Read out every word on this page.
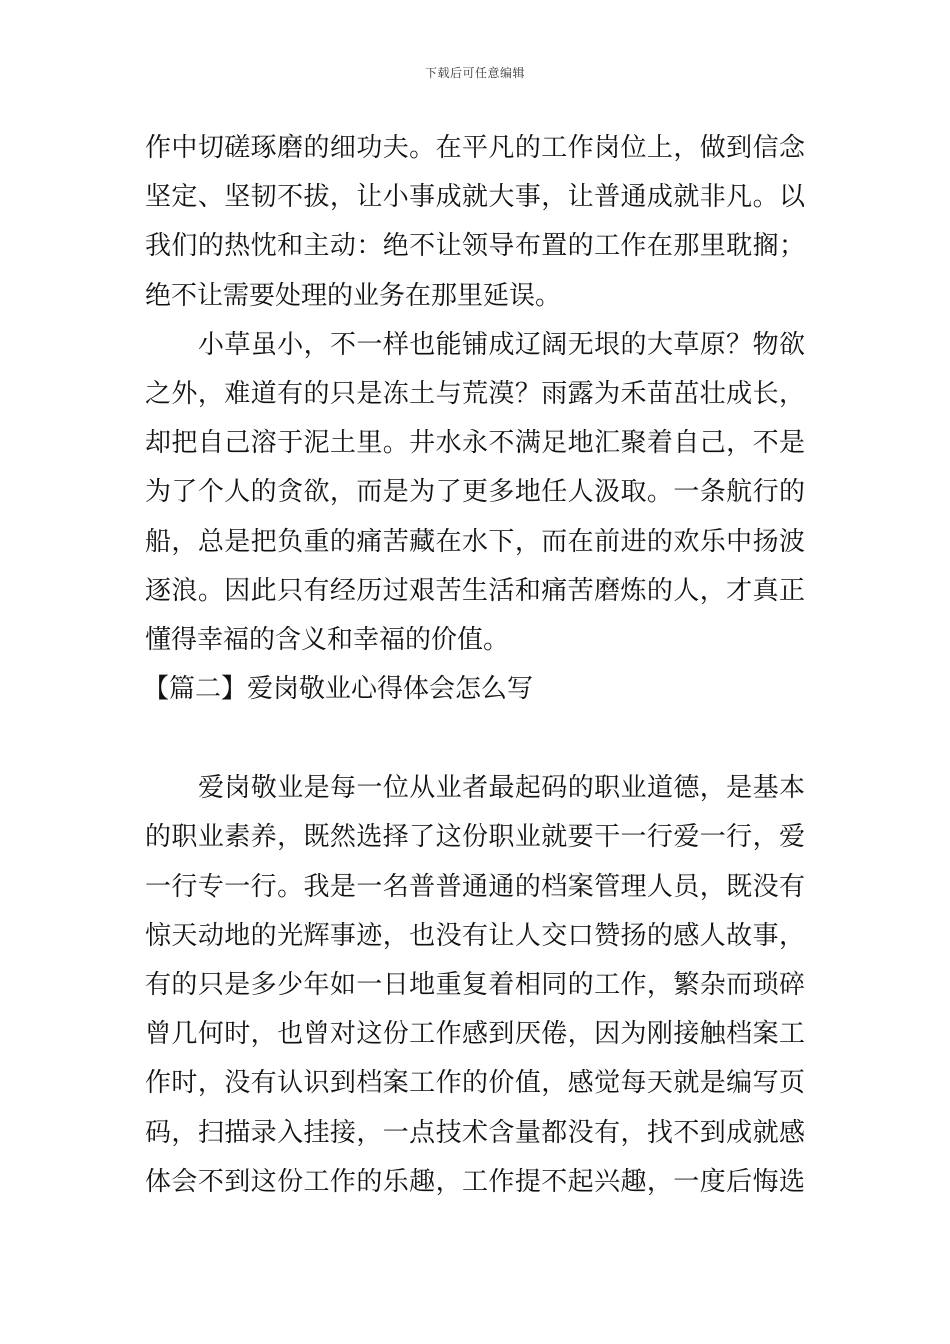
下载后可任意编辑
作中切磋琢磨的细功夫。在平凡的工作岗位上，做到信念
坚定、坚韧不拔，让小事成就大事，让普通成就非凡。以
我们的热忱和主动：绝不让领导布置的工作在那里耽搁；
绝不让需要处理的业务在那里延误。
小草虽小，不一样也能铺成辽阔无垠的大草原？物欲
之外，难道有的只是冻土与荒漠？雨露为禾苗茁壮成长，
却把自己溶于泥土里。井水永不满足地汇聚着自己，不是
为了个人的贪欲，而是为了更多地任人汲取。一条航行的
船，总是把负重的痛苦藏在水下，而在前进的欢乐中扬波
逐浪。因此只有经历过艰苦生活和痛苦磨炼的人，才真正
懂得幸福的含义和幸福的价值。
【篇二】爱岗敬业心得体会怎么写
爱岗敬业是每一位从业者最起码的职业道德，是基本
的职业素养，既然选择了这份职业就要干一行爱一行，爱
一行专一行。我是一名普普通通的档案管理人员，既没有
惊天动地的光辉事迹，也没有让人交口赞扬的感人故事，
有的只是多少年如一日地重复着相同的工作，繁杂而琐碎
曾几何时，也曾对这份工作感到厌倦，因为刚接触档案工
作时，没有认识到档案工作的价值，感觉每天就是编写页
码，扫描录入挂接，一点技术含量都没有，找不到成就感
体会不到这份工作的乐趣，工作提不起兴趣，一度后悔选
